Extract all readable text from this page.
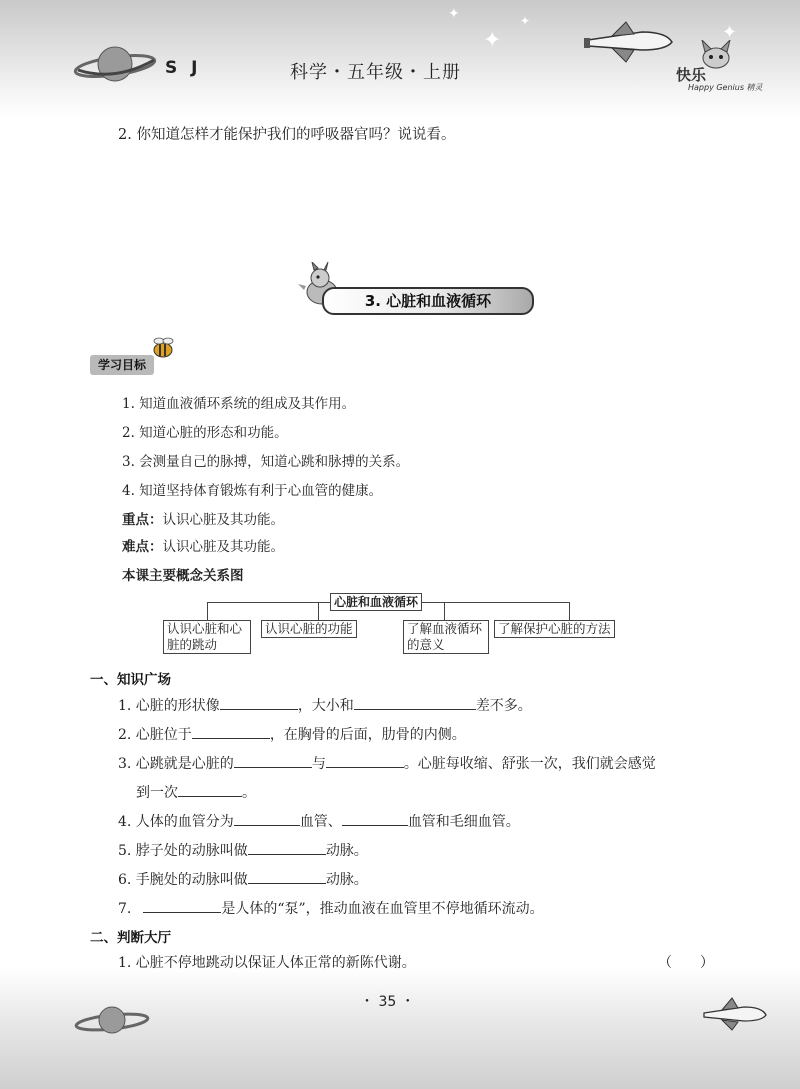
✦
✦	✦
✦
S J	科学・五年级・上册	快乐
Happy Genius 精灵
2. 你知道怎样才能保护我们的呼吸器官吗？说说看。
3. 心脏和血液循环
学习目标
1. 知道血液循环系统的组成及其作用。
2. 知道心脏的形态和功能。
3. 会测量自己的脉搏，知道心跳和脉搏的关系。
4. 知道坚持体育锻炼有利于心血管的健康。
重点：认识心脏及其功能。
难点：认识心脏及其功能。
本课主要概念关系图
心脏和血液循环
认识心脏和心脏的跳动
认识心脏的功能	了解血液循环的意义
了解保护心脏的方法
一、知识广场
1. 心脏的形状像	，大小和	差不多。
2. 心脏位于	，在胸骨的后面，肋骨的内侧。
3. 心跳就是心脏的	与	。心脏每收缩、舒张一次，我们就会感觉
到一次	。
4. 人体的血管分为	血管、	血管和毛细血管。
5. 脖子处的动脉叫做	动脉。
6. 手腕处的动脉叫做	动脉。
7.	是人体的“泵”，推动血液在血管里不停地循环流动。
二、判断大厅
1. 心脏不停地跳动以保证人体正常的新陈代谢。	（　　）
・ 35 ・
